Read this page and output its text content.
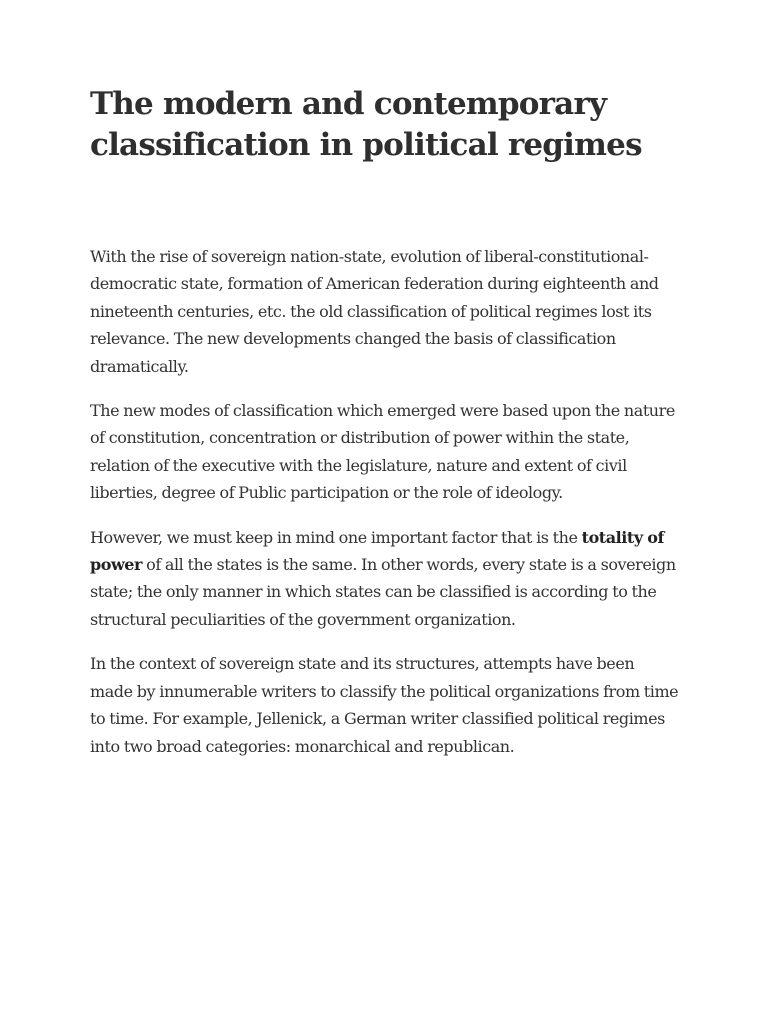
The modern and contemporary classification in political regimes

With the rise of sovereign nation-state, evolution of liberal-constitutional- democratic state, formation of American federation during eighteenth and nineteenth centuries, etc. the old classification of political regimes lost its relevance. The new developments changed the basis of classification dramatically.

The new modes of classification which emerged were based upon the nature of constitution, concentration or distribution of power within the state, relation of the executive with the legislature, nature and extent of civil liberties, degree of Public participation or the role of ideology.

However, we must keep in mind one important factor that is the totality of power of all the states is the same. In other words, every state is a sovereign state; the only manner in which states can be classified is according to the structural peculiarities of the government organization.

In the context of sovereign state and its structures, attempts have been made by innumerable writers to classify the political organizations from time to time. For example, Jellenick, a German writer classified political regimes into two broad categories: monarchical and republican.
